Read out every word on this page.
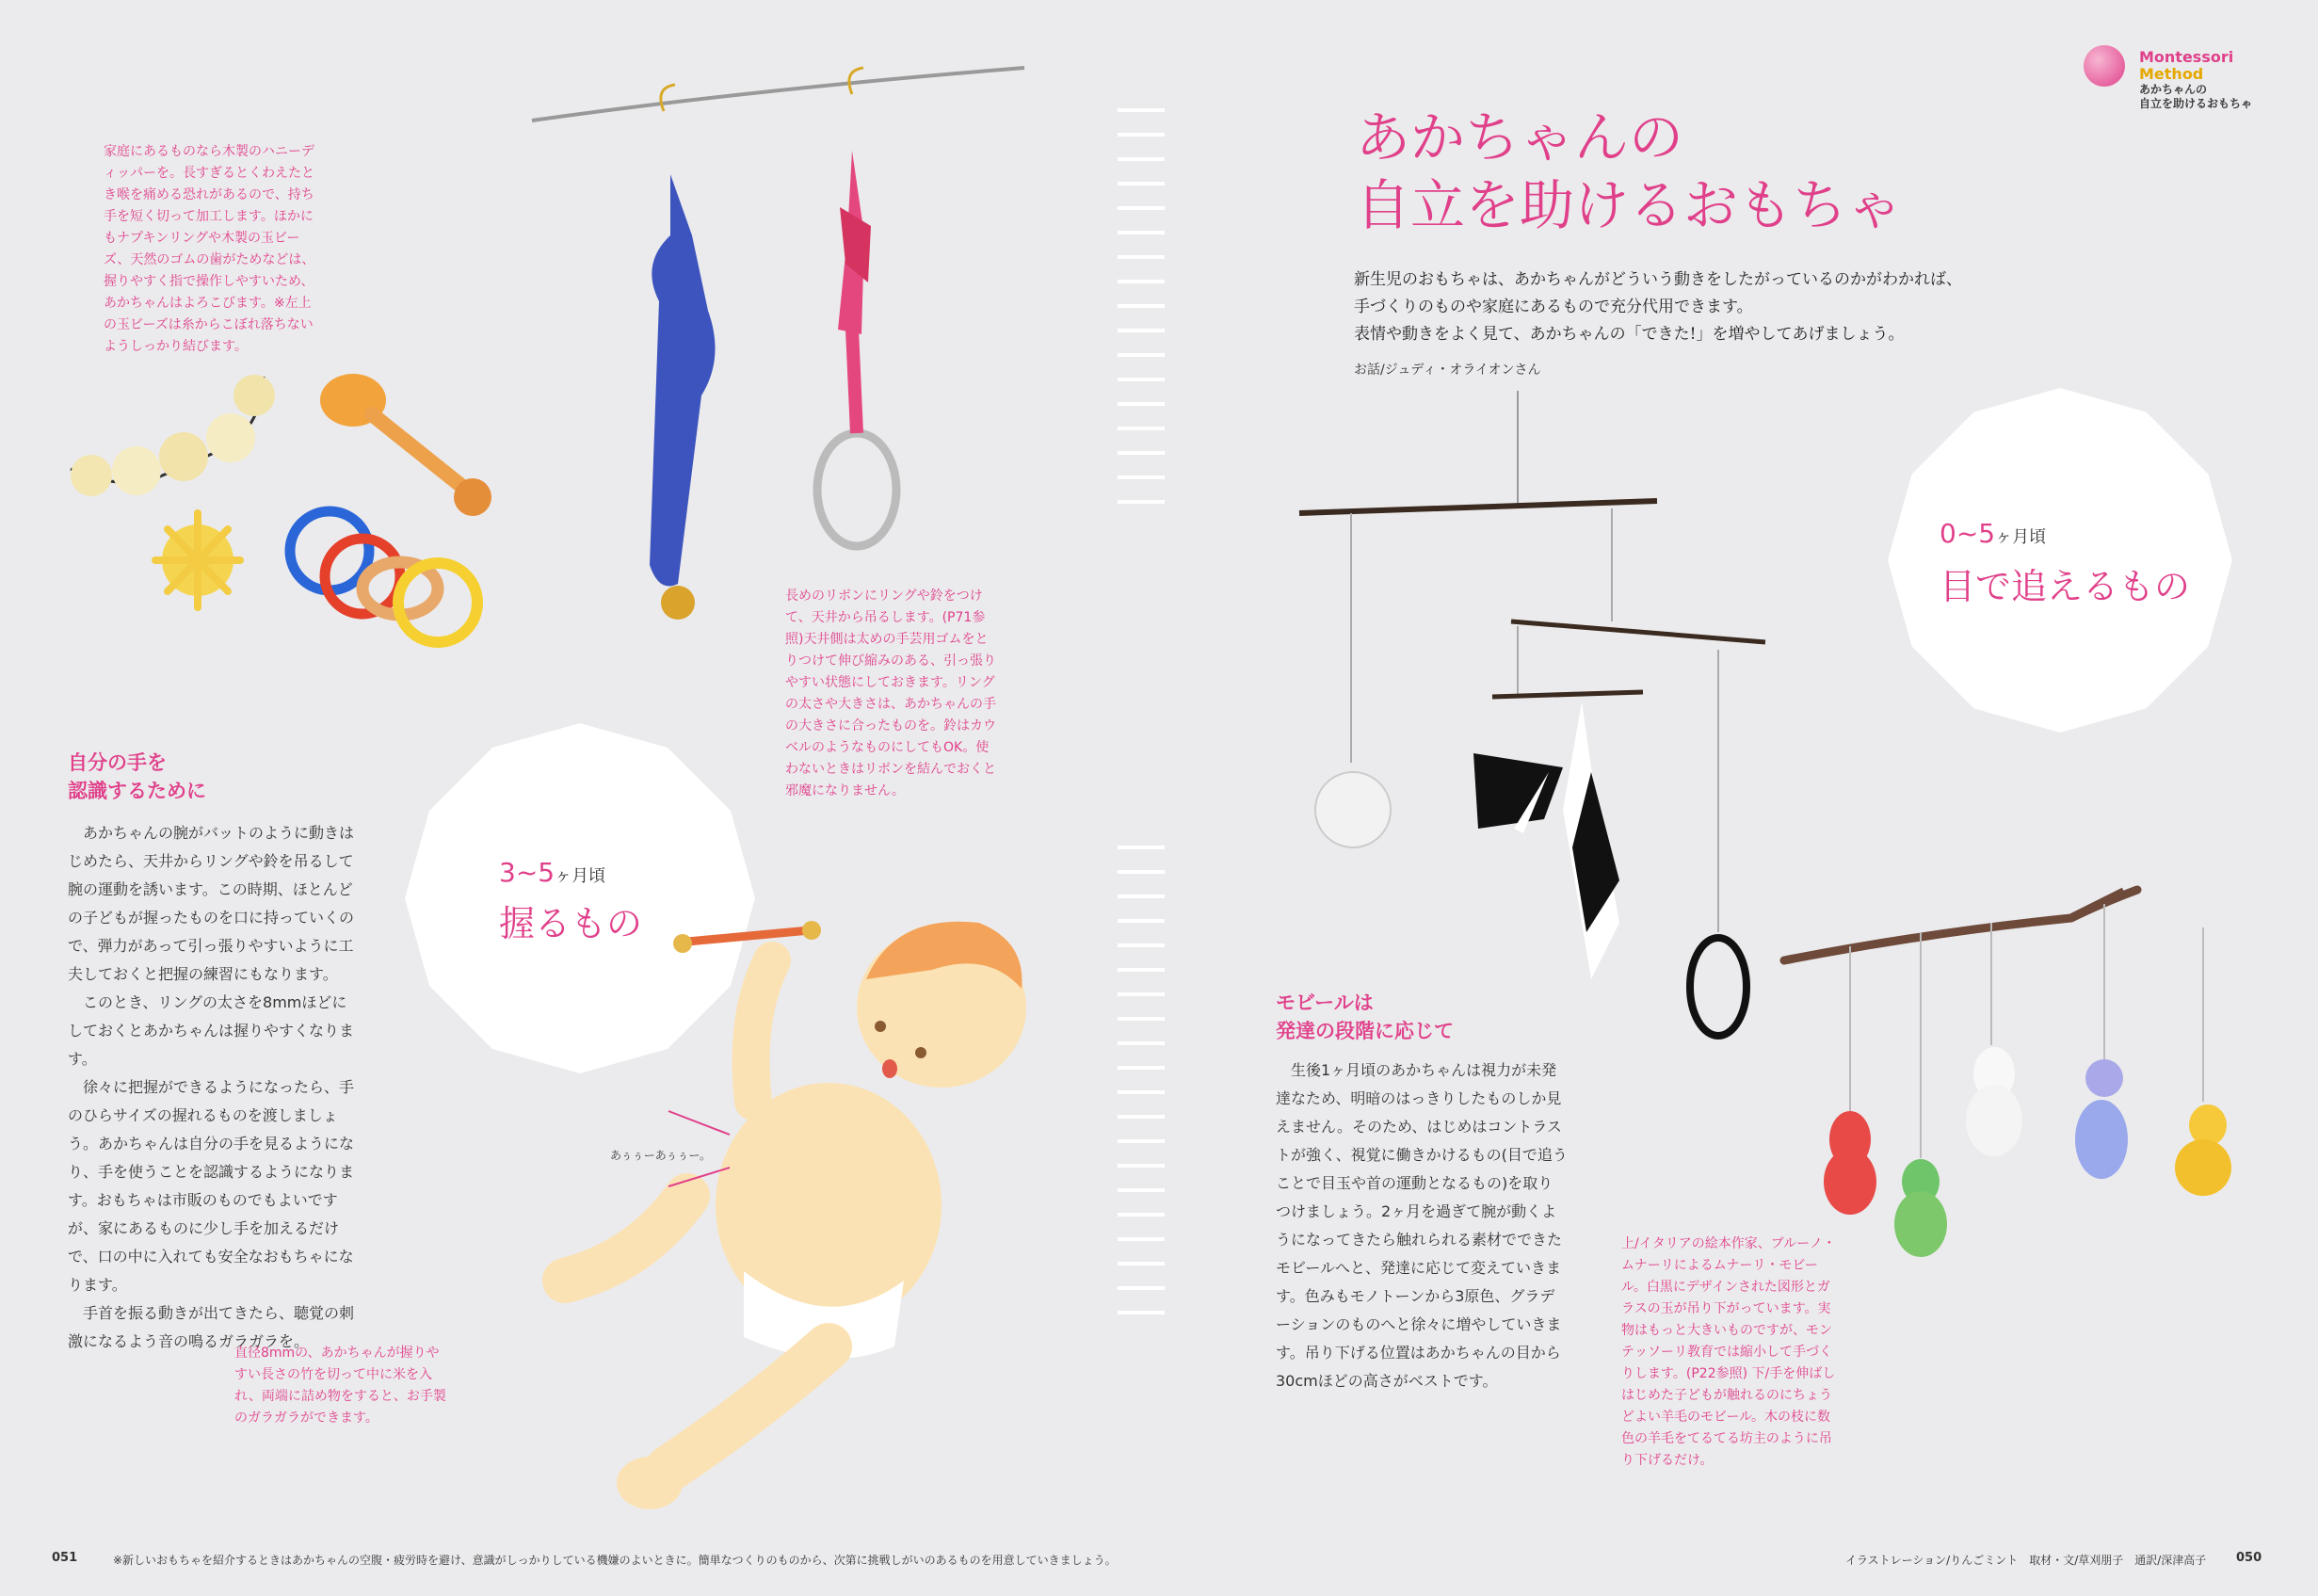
Montessori
Method
あかちゃんの
自立を助けるおもちゃ
あかちゃんの
自立を助けるおもちゃ
新生児のおもちゃは、あかちゃんがどういう動きをしたがっているのかがわかれば、
手づくりのものや家庭にあるもので充分代用できます。
表情や動きをよく見て、あかちゃんの「できた!」を増やしてあげましょう。
お話/ジュディ・オライオンさん
0~5ヶ月頃
目で追えるもの
3~5ヶ月頃
握るもの
家庭にあるものなら木製のハニーディッパーを。長すぎるとくわえたとき喉を痛める恐れがあるので、持ち手を短く切って加工します。ほかにもナプキンリングや木製の玉ビーズ、天然のゴムの歯がためなどは、握りやすく指で操作しやすいため、あかちゃんはよろこびます。※左上の玉ビーズは糸からこぼれ落ちないようしっかり結びます。
長めのリボンにリングや鈴をつけて、天井から吊るします。(P71参照)天井側は太めの手芸用ゴムをとりつけて伸び縮みのある、引っ張りやすい状態にしておきます。リングの太さや大きさは、あかちゃんの手の大きさに合ったものを。鈴はカウベルのようなものにしてもOK。使わないときはリボンを結んでおくと邪魔になりません。
直径8mmの、あかちゃんが握りやすい長さの竹を切って中に米を入れ、両端に詰め物をすると、お手製のガラガラができます。
上/イタリアの絵本作家、ブルーノ・ムナーリによるムナーリ・モビール。白黒にデザインされた図形とガラスの玉が吊り下がっています。実物はもっと大きいものですが、モンテッソーリ教育では縮小して手づくりします。(P22参照) 下/手を伸ばしはじめた子どもが触れるのにちょうどよい羊毛のモビール。木の枝に数色の羊毛をてるてる坊主のように吊り下げるだけ。
自分の手を
認識するために

あかちゃんの腕がバットのように動きはじめたら、天井からリングや鈴を吊るして腕の運動を誘います。この時期、ほとんどの子どもが握ったものを口に持っていくので、弾力があって引っ張りやすいように工夫しておくと把握の練習にもなります。

このとき、リングの太さを8mmほどにしておくとあかちゃんは握りやすくなります。

徐々に把握ができるようになったら、手のひらサイズの握れるものを渡しましょう。あかちゃんは自分の手を見るようになり、手を使うことを認識するようになります。おもちゃは市販のものでもよいですが、家にあるものに少し手を加えるだけで、口の中に入れても安全なおもちゃになります。

手首を振る動きが出てきたら、聴覚の刺激になるよう音の鳴るガラガラを。

モビールは
発達の段階に応じて

生後1ヶ月頃のあかちゃんは視力が未発達なため、明暗のはっきりしたものしか見えません。そのため、はじめはコントラストが強く、視覚に働きかけるもの(目で追うことで目玉や首の運動となるもの)を取りつけましょう。2ヶ月を過ぎて腕が動くようになってきたら触れられる素材でできたモビールへと、発達に応じて変えていきます。色みもモノトーンから3原色、グラデーションのものへと徐々に増やしていきます。吊り下げる位置はあかちゃんの目から30cmほどの高さがベストです。

あぅぅーあぅぅー。
051	※新しいおもちゃを紹介するときはあかちゃんの空腹・疲労時を避け、意識がしっかりしている機嫌のよいときに。簡単なつくりのものから、次第に挑戦しがいのあるものを用意していきましょう。	イラストレーション/りんごミント　取材・文/草刈朋子　通訳/深津高子 050
